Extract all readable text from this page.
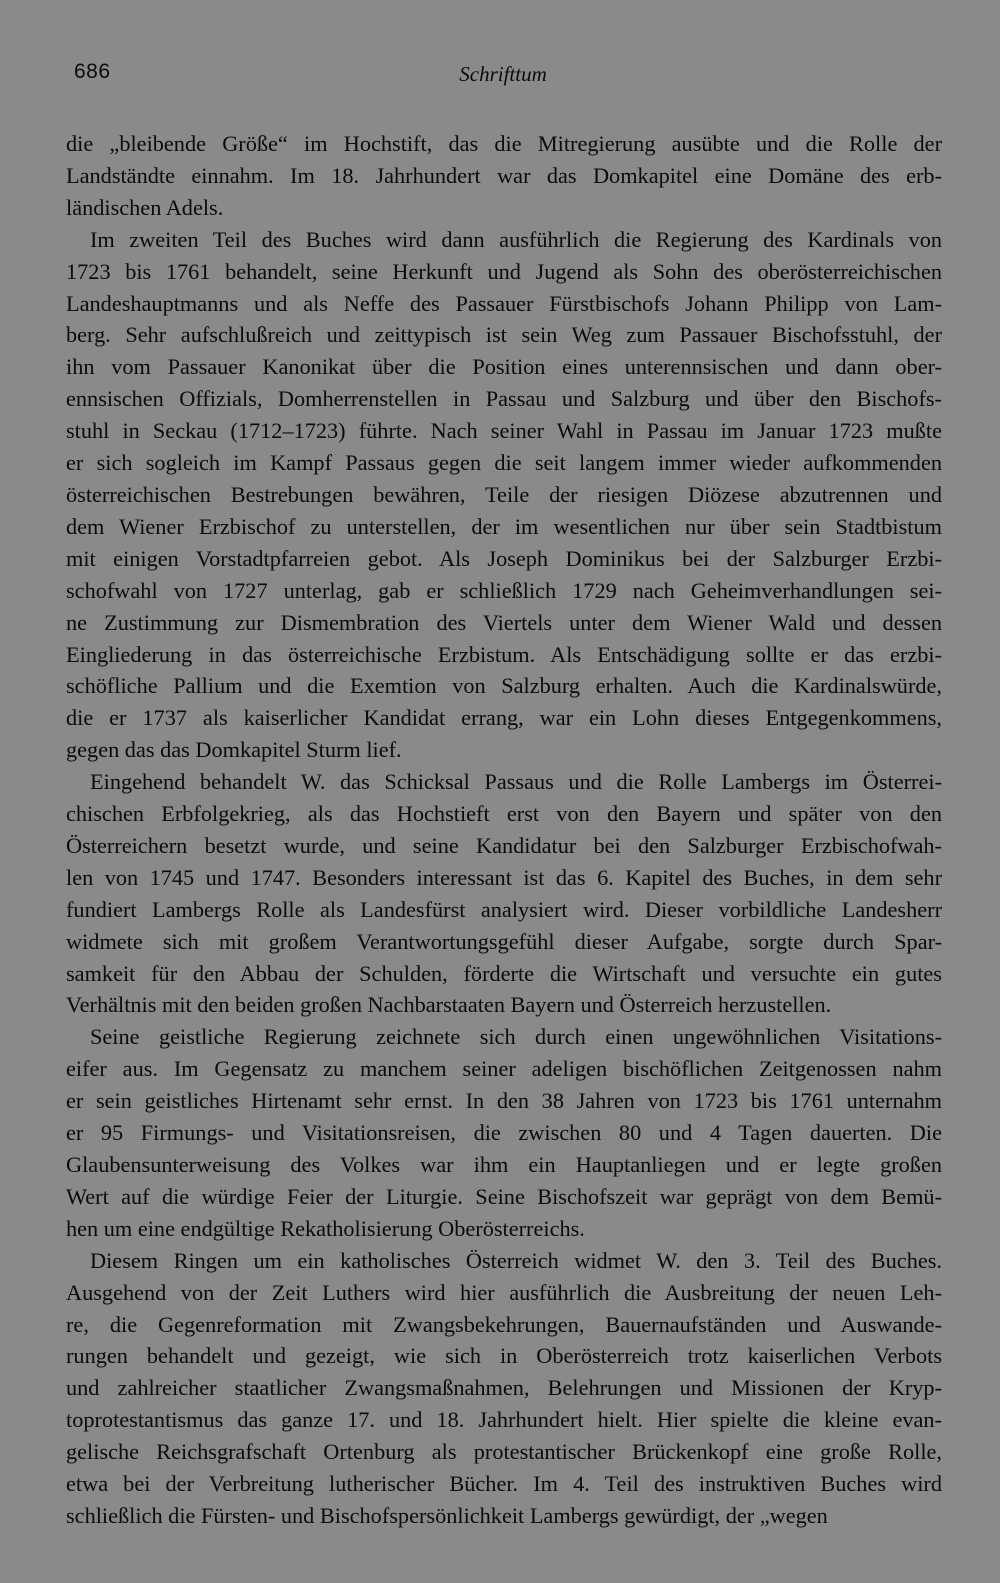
686	Schrifttum

die „bleibende Größe“ im Hochstift, das die Mitregierung ausübte und die Rolle der
Landständte einnahm. Im 18. Jahrhundert war das Domkapitel eine Domäne des erb-
ländischen Adels.

Im zweiten Teil des Buches wird dann ausführlich die Regierung des Kardinals von
1723 bis 1761 behandelt, seine Herkunft und Jugend als Sohn des oberösterreichischen
Landeshauptmanns und als Neffe des Passauer Fürstbischofs Johann Philipp von Lam-
berg. Sehr aufschlußreich und zeittypisch ist sein Weg zum Passauer Bischofsstuhl, der
ihn vom Passauer Kanonikat über die Position eines unterennsischen und dann ober-
ennsischen Offizials, Domherrenstellen in Passau und Salzburg und über den Bischofs-
stuhl in Seckau (1712–1723) führte. Nach seiner Wahl in Passau im Januar 1723 mußte
er sich sogleich im Kampf Passaus gegen die seit langem immer wieder aufkommenden
österreichischen Bestrebungen bewähren, Teile der riesigen Diözese abzutrennen und
dem Wiener Erzbischof zu unterstellen, der im wesentlichen nur über sein Stadtbistum
mit einigen Vorstadtpfarreien gebot. Als Joseph Dominikus bei der Salzburger Erzbi-
schofwahl von 1727 unterlag, gab er schließlich 1729 nach Geheimverhandlungen sei-
ne Zustimmung zur Dismembration des Viertels unter dem Wiener Wald und dessen
Eingliederung in das österreichische Erzbistum. Als Entschädigung sollte er das erzbi-
schöfliche Pallium und die Exemtion von Salzburg erhalten. Auch die Kardinalswürde,
die er 1737 als kaiserlicher Kandidat errang, war ein Lohn dieses Entgegenkommens,
gegen das das Domkapitel Sturm lief.

Eingehend behandelt W. das Schicksal Passaus und die Rolle Lambergs im Österrei-
chischen Erbfolgekrieg, als das Hochstieft erst von den Bayern und später von den
Österreichern besetzt wurde, und seine Kandidatur bei den Salzburger Erzbischofwah-
len von 1745 und 1747. Besonders interessant ist das 6. Kapitel des Buches, in dem sehr
fundiert Lambergs Rolle als Landesfürst analysiert wird. Dieser vorbildliche Landesherr
widmete sich mit großem Verantwortungsgefühl dieser Aufgabe, sorgte durch Spar-
samkeit für den Abbau der Schulden, förderte die Wirtschaft und versuchte ein gutes
Verhältnis mit den beiden großen Nachbarstaaten Bayern und Österreich herzustellen.

Seine geistliche Regierung zeichnete sich durch einen ungewöhnlichen Visitations-
eifer aus. Im Gegensatz zu manchem seiner adeligen bischöflichen Zeitgenossen nahm
er sein geistliches Hirtenamt sehr ernst. In den 38 Jahren von 1723 bis 1761 unternahm
er 95 Firmungs- und Visitationsreisen, die zwischen 80 und 4 Tagen dauerten. Die
Glaubensunterweisung des Volkes war ihm ein Hauptanliegen und er legte großen
Wert auf die würdige Feier der Liturgie. Seine Bischofszeit war geprägt von dem Bemü-
hen um eine endgültige Rekatholisierung Oberösterreichs.

Diesem Ringen um ein katholisches Österreich widmet W. den 3. Teil des Buches.
Ausgehend von der Zeit Luthers wird hier ausführlich die Ausbreitung der neuen Leh-
re, die Gegenreformation mit Zwangsbekehrungen, Bauernaufständen und Auswande-
rungen behandelt und gezeigt, wie sich in Oberösterreich trotz kaiserlichen Verbots
und zahlreicher staatlicher Zwangsmaßnahmen, Belehrungen und Missionen der Kryp-
toprotestantismus das ganze 17. und 18. Jahrhundert hielt. Hier spielte die kleine evan-
gelische Reichsgrafschaft Ortenburg als protestantischer Brückenkopf eine große Rolle,
etwa bei der Verbreitung lutherischer Bücher. Im 4. Teil des instruktiven Buches wird
schließlich die Fürsten- und Bischofspersönlichkeit Lambergs gewürdigt, der „wegen
